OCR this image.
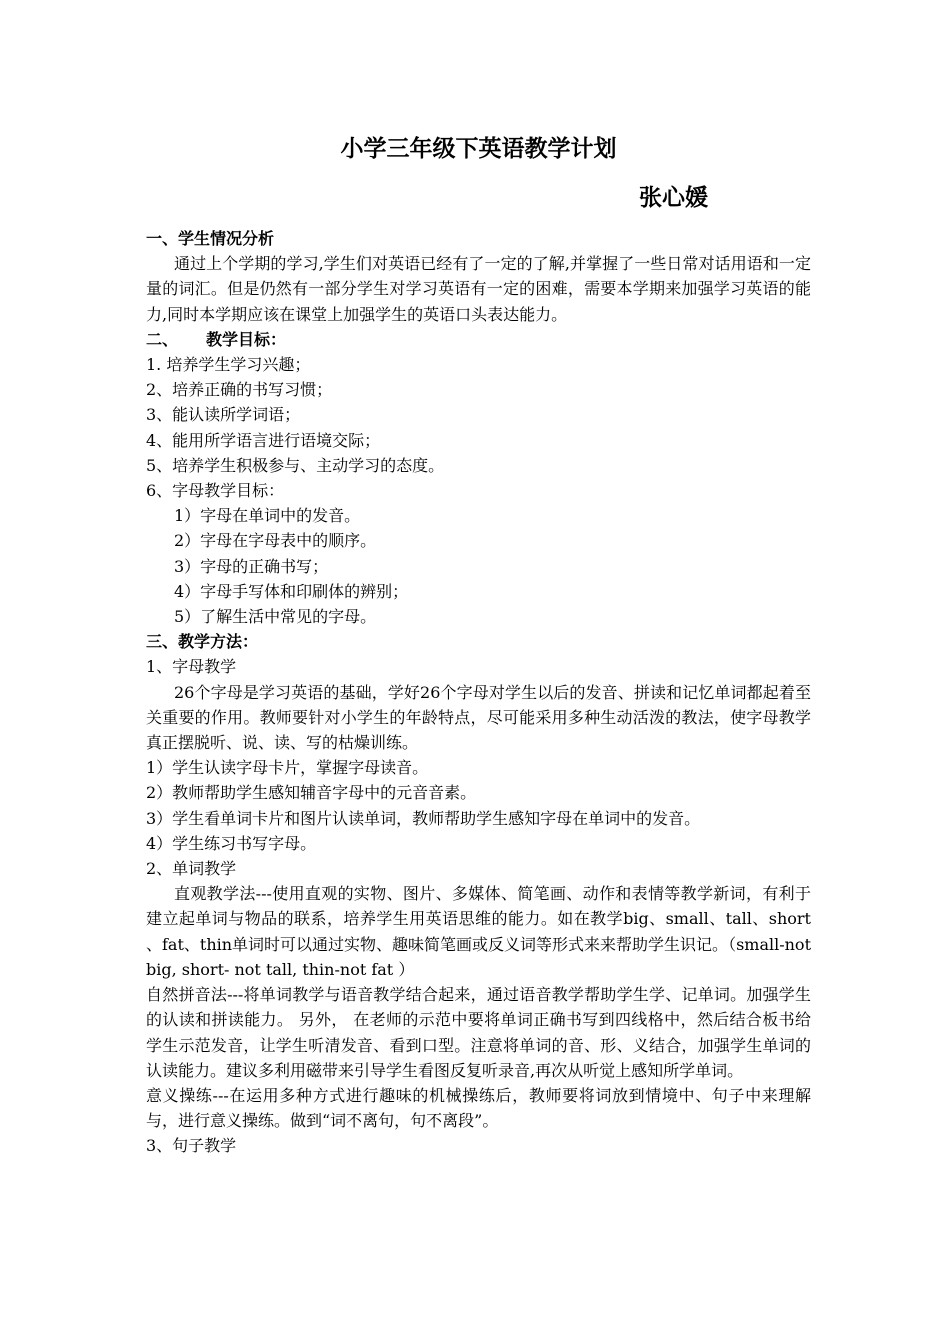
小学三年级下英语教学计划
张心媛

一、学生情况分析

通过上个学期的学习,学生们对英语已经有了一定的了解,并掌握了一些日常对话用语和一定量的词汇。但是仍然有一部分学生对学习英语有一定的困难，需要本学期来加强学习英语的能力,同时本学期应该在课堂上加强学生的英语口头表达能力。

二、 教学目标：

1. 培养学生学习兴趣；

2、培养正确的书写习惯；

3、能认读所学词语；

4、能用所学语言进行语境交际；

5、培养学生积极参与、主动学习的态度。

6、字母教学目标：

1）字母在单词中的发音。

2）字母在字母表中的顺序。

3）字母的正确书写；

4）字母手写体和印刷体的辨别；

5）了解生活中常见的字母。

三、教学方法：

1、字母教学

26个字母是学习英语的基础，学好26个字母对学生以后的发音、拼读和记忆单词都起着至关重要的作用。教师要针对小学生的年龄特点，尽可能采用多种生动活泼的教法，使字母教学真正摆脱听、说、读、写的枯燥训练。

1）学生认读字母卡片，掌握字母读音。

2）教师帮助学生感知辅音字母中的元音音素。

3）学生看单词卡片和图片认读单词，教师帮助学生感知字母在单词中的发音。

4）学生练习书写字母。

2、单词教学

直观教学法---使用直观的实物、图片、多媒体、简笔画、动作和表情等教学新词，有利于建立起单词与物品的联系，培养学生用英语思维的能力。如在教学big、small、tall、short 、fat、thin单词时可以通过实物、趣味简笔画或反义词等形式来来帮助学生识记。（small-not big, short- not tall, thin-not fat ）

自然拼音法---将单词教学与语音教学结合起来，通过语音教学帮助学生学、记单词。加强学生的认读和拼读能力。 另外， 在老师的示范中要将单词正确书写到四线格中，然后结合板书给学生示范发音，让学生听清发音、看到口型。注意将单词的音、形、义结合，加强学生单词的认读能力。建议多利用磁带来引导学生看图反复听录音,再次从听觉上感知所学单词。

意义操练---在运用多种方式进行趣味的机械操练后，教师要将词放到情境中、句子中来理解与，进行意义操练。做到“词不离句，句不离段”。

3、句子教学
